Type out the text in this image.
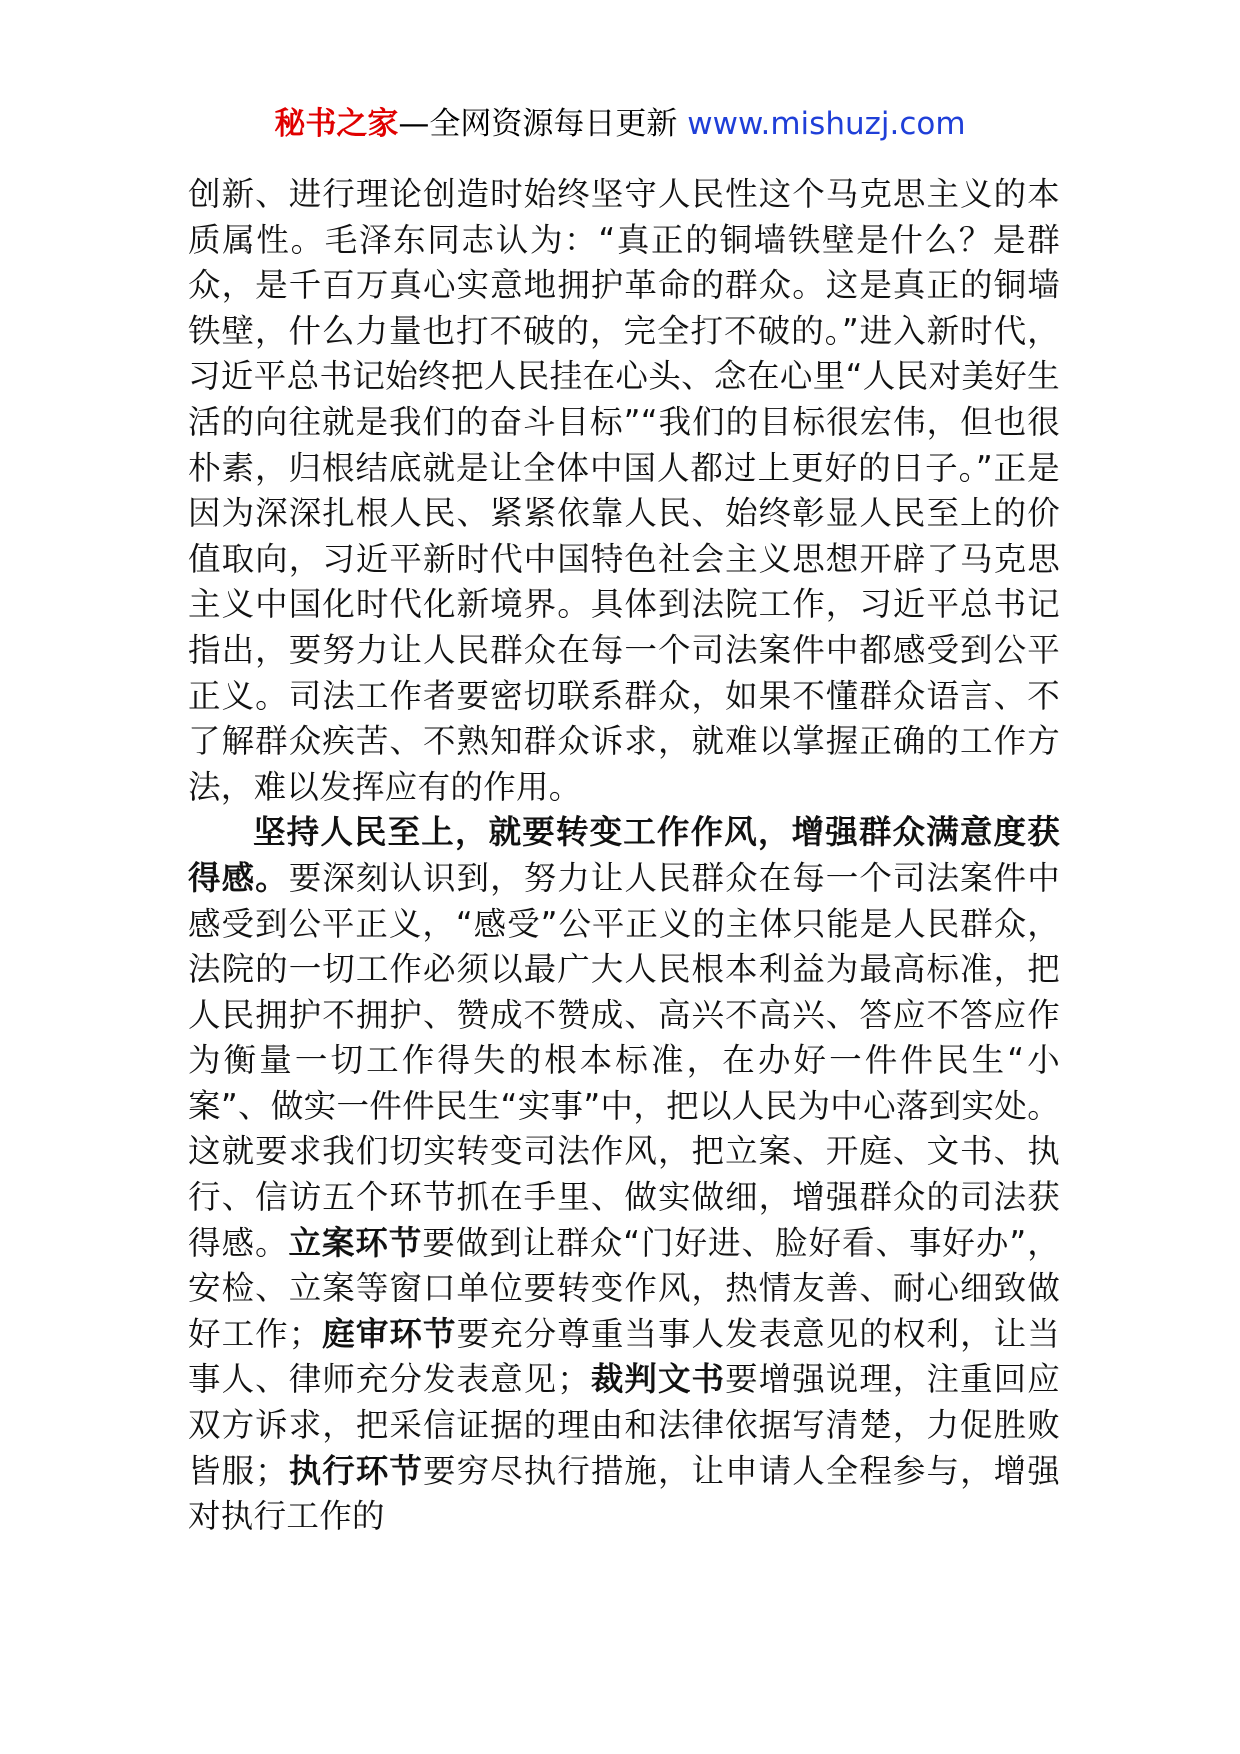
秘书之家—全网资源每日更新 www.mishuzj.com

创新、进行理论创造时始终坚守人民性这个马克思主义的本质属性。毛泽东同志认为：“真正的铜墙铁壁是什么？是群众，是千百万真心实意地拥护革命的群众。这是真正的铜墙铁壁，什么力量也打不破的，完全打不破的。”进入新时代，习近平总书记始终把人民挂在心头、念在心里“人民对美好生活的向往就是我们的奋斗目标”“我们的目标很宏伟，但也很朴素，归根结底就是让全体中国人都过上更好的日子。”正是因为深深扎根人民、紧紧依靠人民、始终彰显人民至上的价值取向，习近平新时代中国特色社会主义思想开辟了马克思主义中国化时代化新境界。具体到法院工作，习近平总书记指出，要努力让人民群众在每一个司法案件中都感受到公平正义。司法工作者要密切联系群众，如果不懂群众语言、不了解群众疾苦、不熟知群众诉求，就难以掌握正确的工作方法，难以发挥应有的作用。

坚持人民至上，就要转变工作作风，增强群众满意度获得感。要深刻认识到，努力让人民群众在每一个司法案件中感受到公平正义，“感受”公平正义的主体只能是人民群众，法院的一切工作必须以最广大人民根本利益为最高标准，把人民拥护不拥护、赞成不赞成、高兴不高兴、答应不答应作为衡量一切工作得失的根本标准，在办好一件件民生“小案”、做实一件件民生“实事”中，把以人民为中心落到实处。这就要求我们切实转变司法作风，把立案、开庭、文书、执行、信访五个环节抓在手里、做实做细，增强群众的司法获得感。立案环节要做到让群众“门好进、脸好看、事好办”，安检、立案等窗口单位要转变作风，热情友善、耐心细致做好工作；庭审环节要充分尊重当事人发表意见的权利，让当事人、律师充分发表意见；裁判文书要增强说理，注重回应双方诉求，把采信证据的理由和法律依据写清楚，力促胜败皆服；执行环节要穷尽执行措施，让申请人全程参与，增强对执行工作的
